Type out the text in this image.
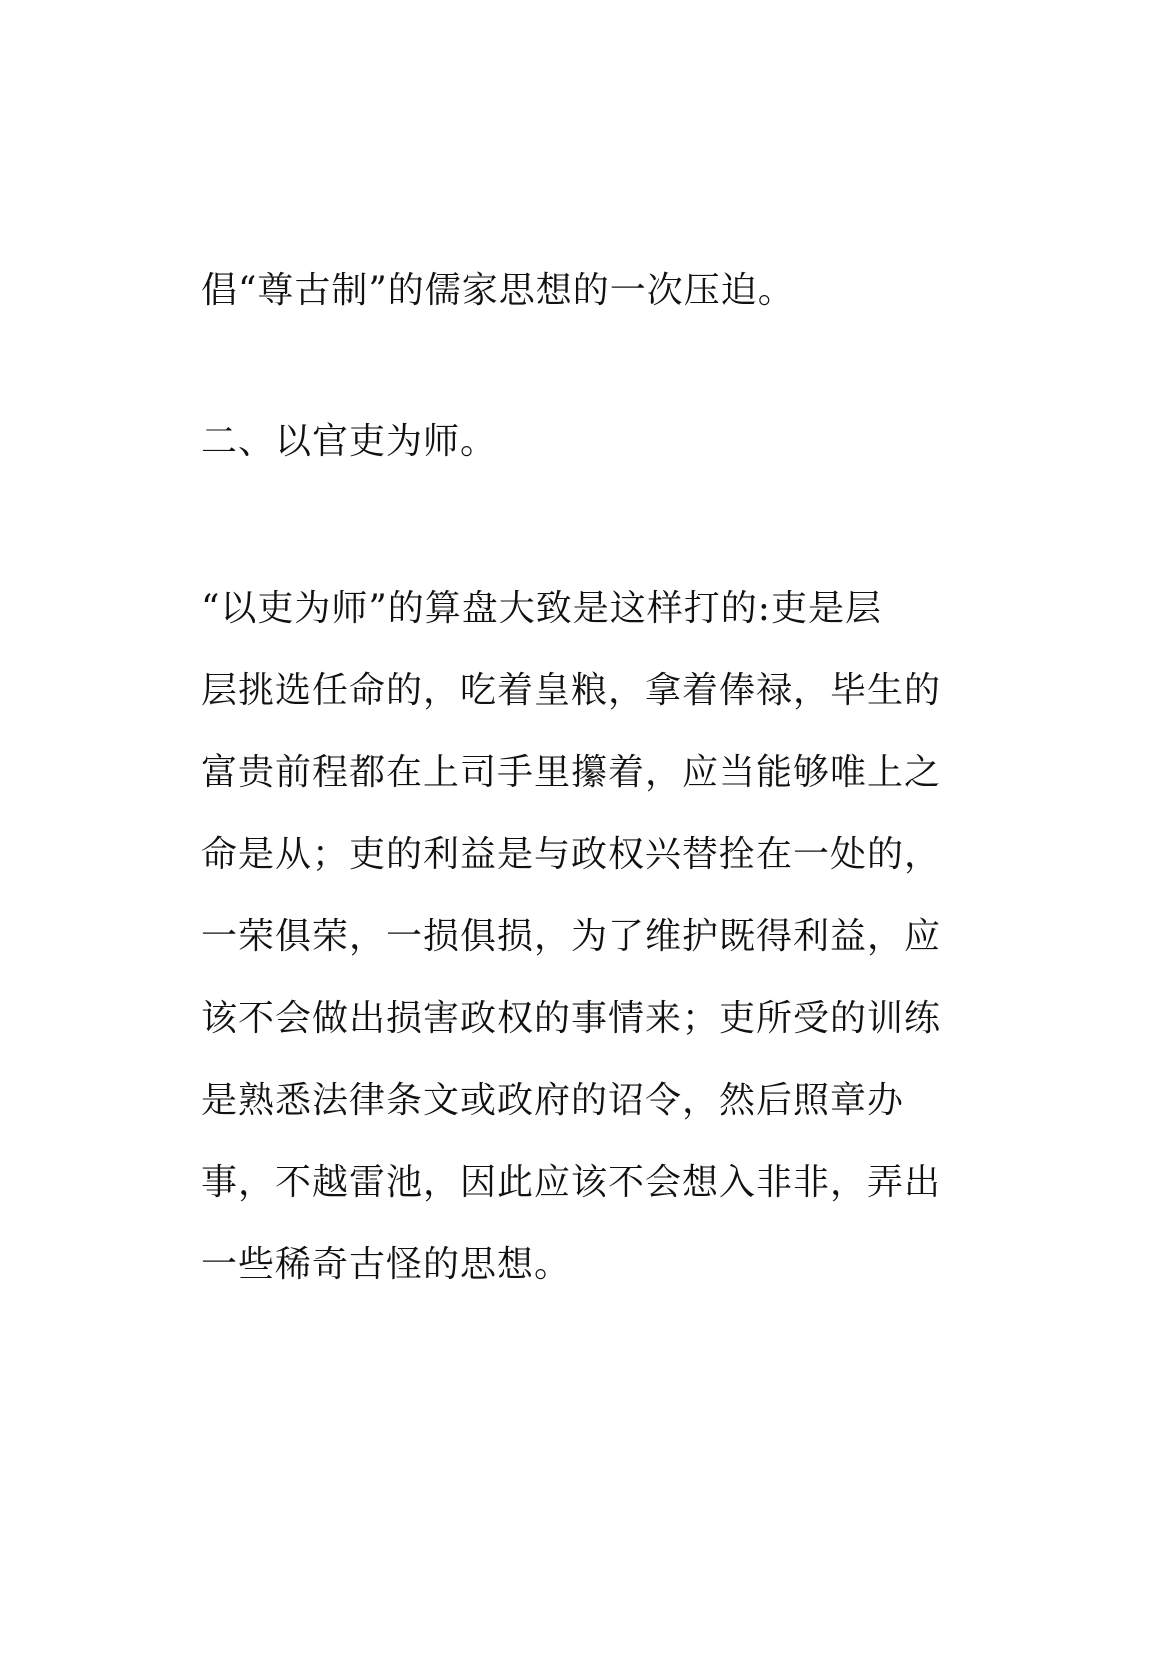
倡“尊古制”的儒家思想的一次压迫。
二、以官吏为师。
“以吏为师”的算盘大致是这样打的:吏是层
层挑选任命的，吃着皇粮，拿着俸禄，毕生的
富贵前程都在上司手里攥着，应当能够唯上之
命是从；吏的利益是与政权兴替拴在一处的，
一荣俱荣，一损俱损，为了维护既得利益，应
该不会做出损害政权的事情来；吏所受的训练
是熟悉法律条文或政府的诏令，然后照章办
事，不越雷池，因此应该不会想入非非，弄出
一些稀奇古怪的思想。
